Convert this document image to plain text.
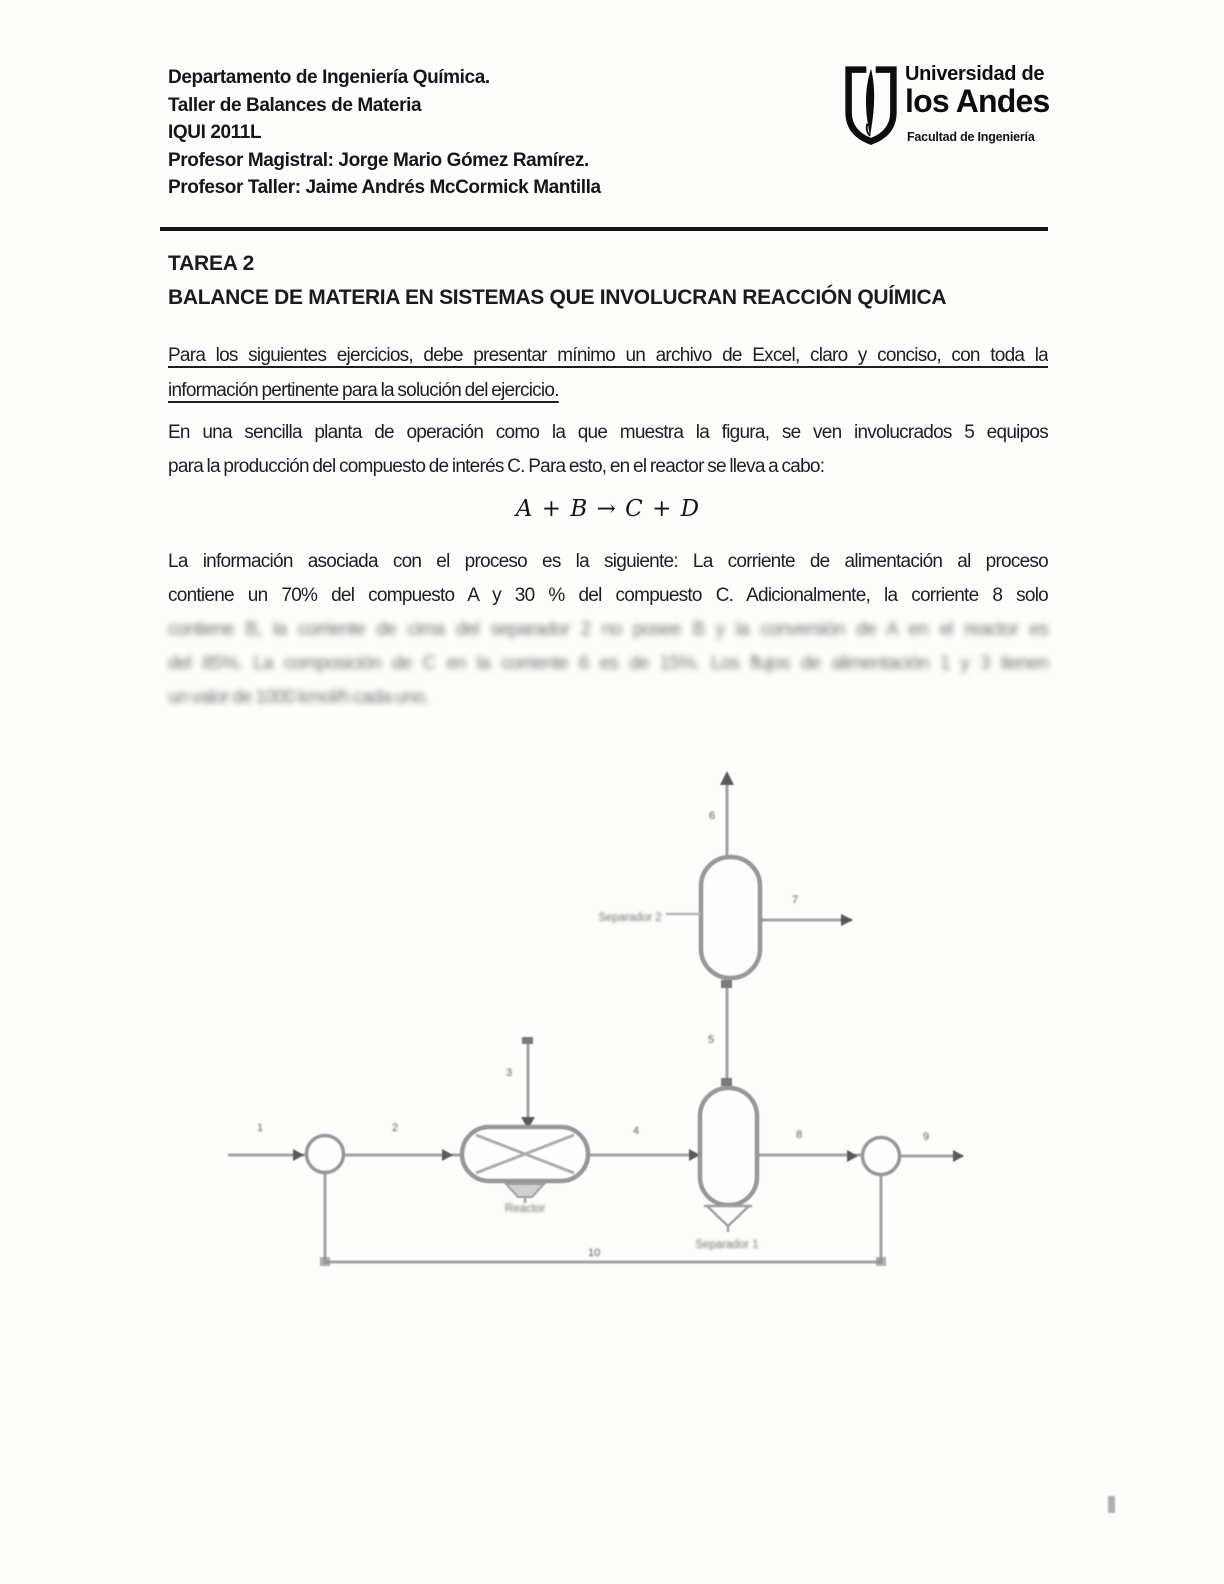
Departamento de Ingeniería Química.
Taller de Balances de Materia
IQUI 2011L
Profesor Magistral: Jorge Mario Gómez Ramírez.
Profesor Taller: Jaime Andrés McCormick Mantilla
Universidad de
los Andes
Facultad de Ingeniería
TAREA 2
BALANCE DE MATERIA EN SISTEMAS QUE INVOLUCRAN REACCIÓN QUÍMICA
Para los siguientes ejercicios, debe presentar mínimo un archivo de Excel, claro y conciso, con toda la
información pertinente para la solución del ejercicio.
En una sencilla planta de operación como la que muestra la figura, se ven involucrados 5 equipos
para la producción del compuesto de interés C. Para esto, en el reactor se lleva a cabo:
A + B → C + D
La información asociada con el proceso es la siguiente: La corriente de alimentación al proceso
contiene un 70% del compuesto A y 30 % del compuesto C. Adicionalmente, la corriente 8 solo
contiene B, la corriente de cima del separador 2 no posee B y la conversión de A en el reactor es
del 85%. La composición de C en la corriente 6 es de 15%. Los flujos de alimentación 1 y 3 tienen
un valor de 1000 kmol/h cada uno.
1	2
3
4
5
6
7
8	9
10
Reactor
Separador 1
Separador 2
